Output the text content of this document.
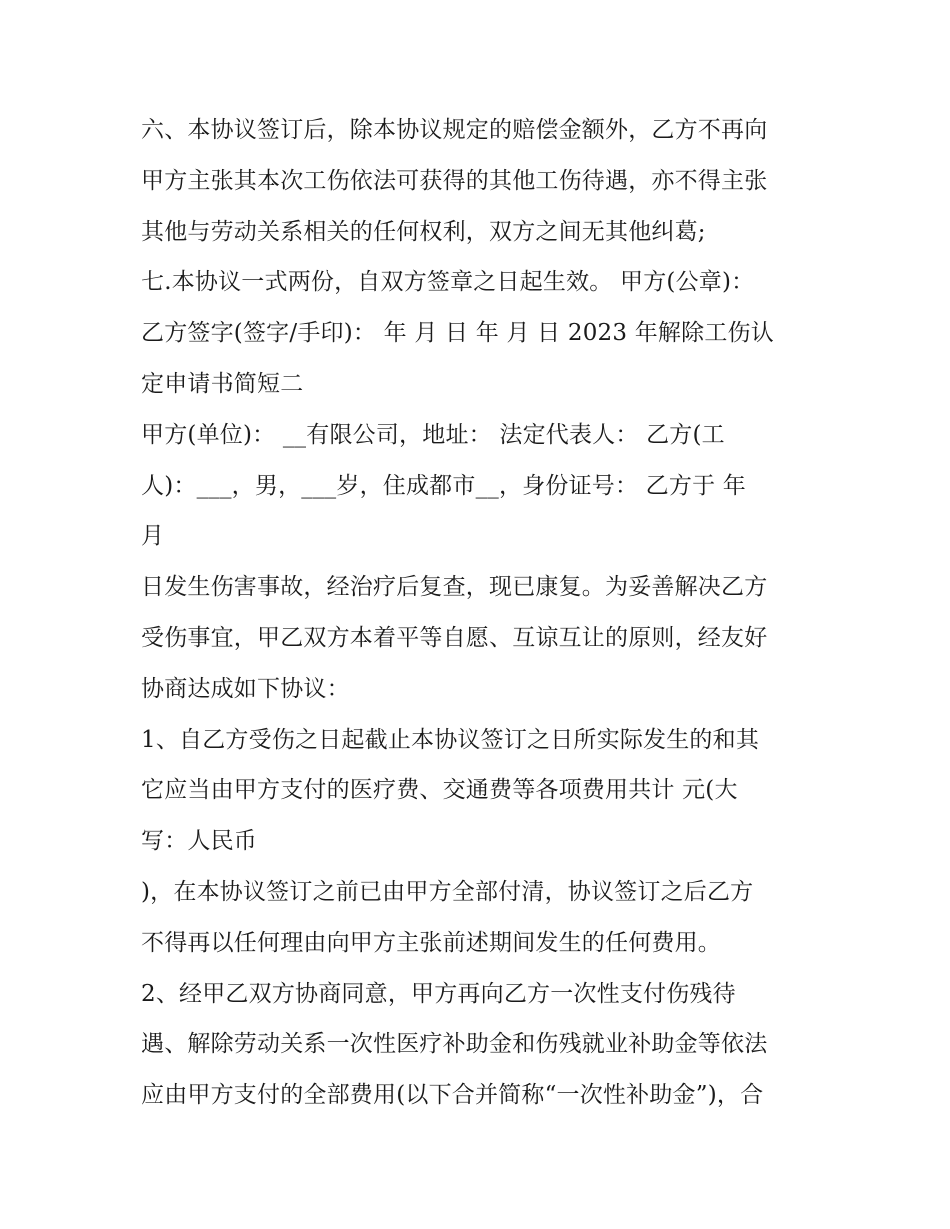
六、本协议签订后，除本协议规定的赔偿金额外，乙方不再向
甲方主张其本次工伤依法可获得的其他工伤待遇，亦不得主张
其他与劳动关系相关的任何权利，双方之间无其他纠葛;
七.本协议一式两份，自双方签章之日起生效。 甲方(公章)：
乙方签字(签字/手印)： 年 月 日 年 月 日 2023 年解除工伤认
定申请书简短二
甲方(单位)： __有限公司，地址： 法定代表人： 乙方(工
人)：___，男，___岁，住成都市__，身份证号： 乙方于 年
月
日发生伤害事故，经治疗后复查，现已康复。为妥善解决乙方
受伤事宜，甲乙双方本着平等自愿、互谅互让的原则，经友好
协商达成如下协议：
1、自乙方受伤之日起截止本协议签订之日所实际发生的和其
它应当由甲方支付的医疗费、交通费等各项费用共计 元(大
写：人民币
)，在本协议签订之前已由甲方全部付清，协议签订之后乙方
不得再以任何理由向甲方主张前述期间发生的任何费用。
2、经甲乙双方协商同意，甲方再向乙方一次性支付伤残待
遇、解除劳动关系一次性医疗补助金和伤残就业补助金等依法
应由甲方支付的全部费用(以下合并简称“一次性补助金”)，合
